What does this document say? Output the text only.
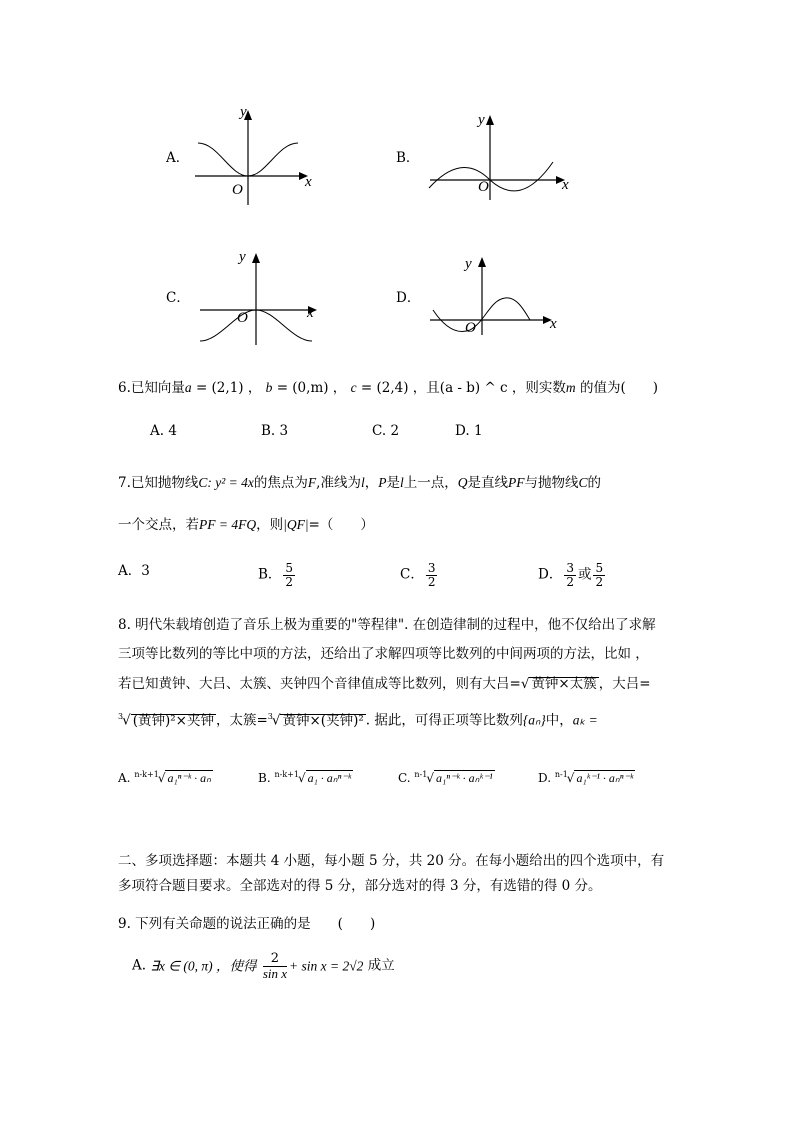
A．
y
x
O
B．
y
x
O
C．
y
x
O
D．
y
x
O
6.已知向量a = (2,1) ， b = (0,m) ， c = (2,4) ，且(a - b) ^ c ，则实数m 的值为(　　)
A. 4	B. 3	C. 2	D. 1
7.已知抛物线C: y² = 4x的焦点为F,准线为l，P是l上一点，Q是直线PF与抛物线C的
一个交点，若PF = 4FQ，则|QF|=（　　）
A．3	B． $\frac{5}{2}$	C． $\frac{3}{2}$	D． $\frac{3}{2}$ 或 $\frac{5}{2}$
8. 明代朱载堉创造了音乐上极为重要的"等程律". 在创造律制的过程中，他不仅给出了求解
三项等比数列的等比中项的方法，还给出了求解四项等比数列的中间两项的方法，比如 ，
若已知黄钟、大吕、太簇、夹钟四个音律值成等比数列，则有大吕=√ 黄钟×太簇 ，大吕=
$^3$√ (黄钟)²×夹钟 ，太簇=$^3$√ 黄钟×(夹钟)² . 据此，可得正项等比数列{aₙ}中，aₖ =
A. $^{n-k+1}$√ a₁ⁿ⁻ᵏ · aₙ	B. $^{n-k+1}$√ a₁ · aₙⁿ⁻ᵏ	C. $^{n-1}$√ a₁ⁿ⁻ᵏ · aₙᵏ⁻¹	D. $^{n-1}$√ a₁ᵏ⁻¹ · aₙⁿ⁻ᵏ
二、多项选择题：本题共 4 小题，每小题 5 分，共 20 分。在每小题给出的四个选项中，有
多项符合题目要求。全部选对的得 5 分，部分选对的得 3 分，有选错的得 0 分。
9. 下列有关命题的说法正确的是　　(　　)
A. ∃x ∈ (0, π) ，使得 $\frac{2}{\text{sin x}} + \sin x = 2√2$ 成立
